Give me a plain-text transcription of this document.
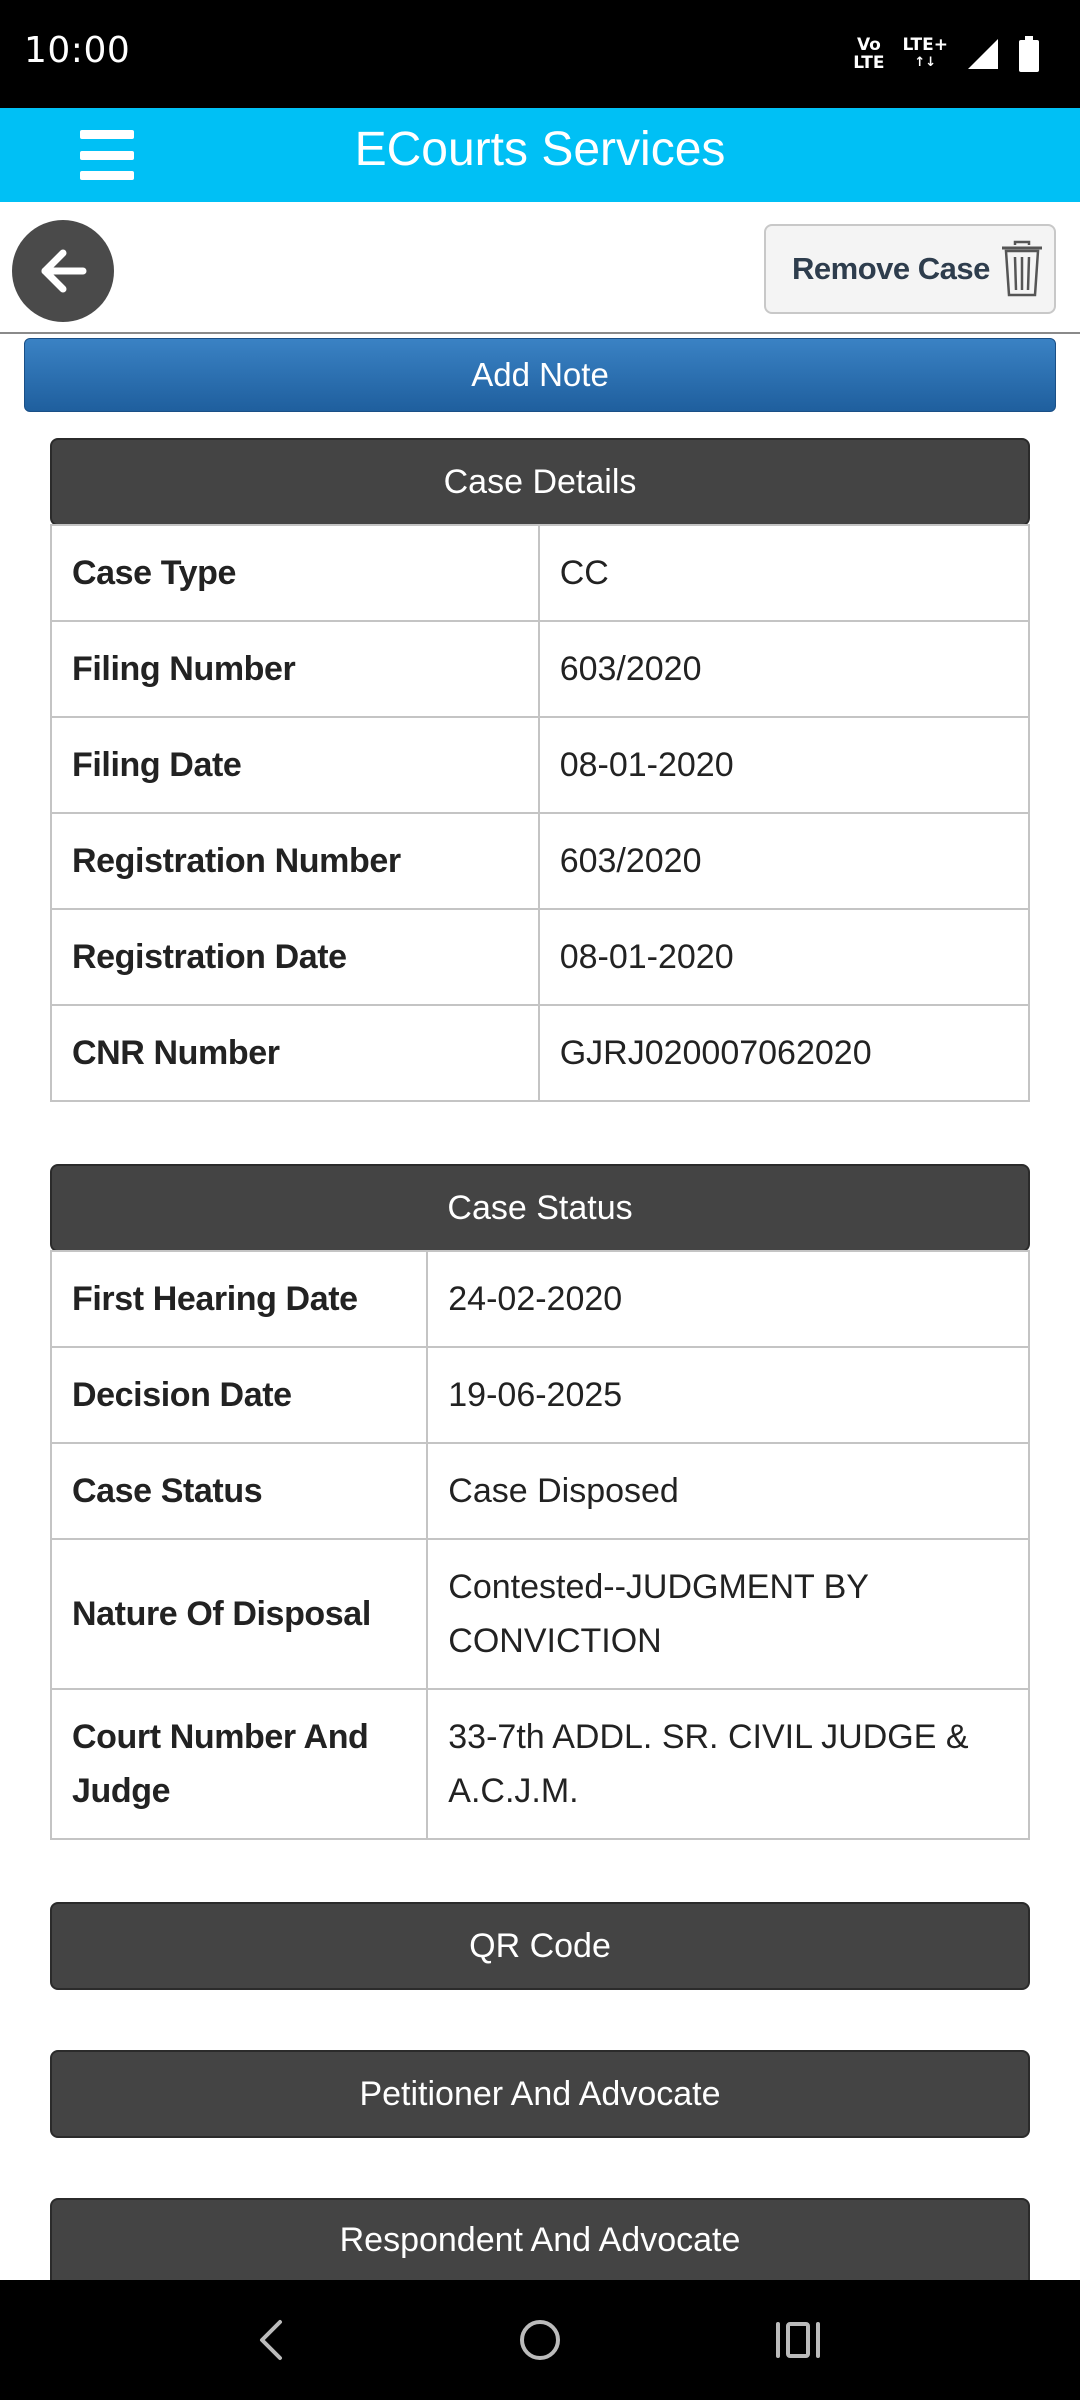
10:00	Vo
LTE
LTE+
↑↓
ECourts Services
Remove Case
Add Note
Case Details
Case Type	CC
Filing Number	603/2020
Filing Date	08-01-2020
Registration Number	603/2020
Registration Date	08-01-2020
CNR Number	GJRJ020007062020
Case Status
First Hearing Date	24-02-2020
Decision Date	19-06-2025
Case Status	Case Disposed
Nature Of Disposal	Contested--JUDGMENT BY CONVICTION
Court Number And Judge	33-7th ADDL. SR. CIVIL JUDGE & A.C.J.M.
QR Code
Petitioner And Advocate
Respondent And Advocate
